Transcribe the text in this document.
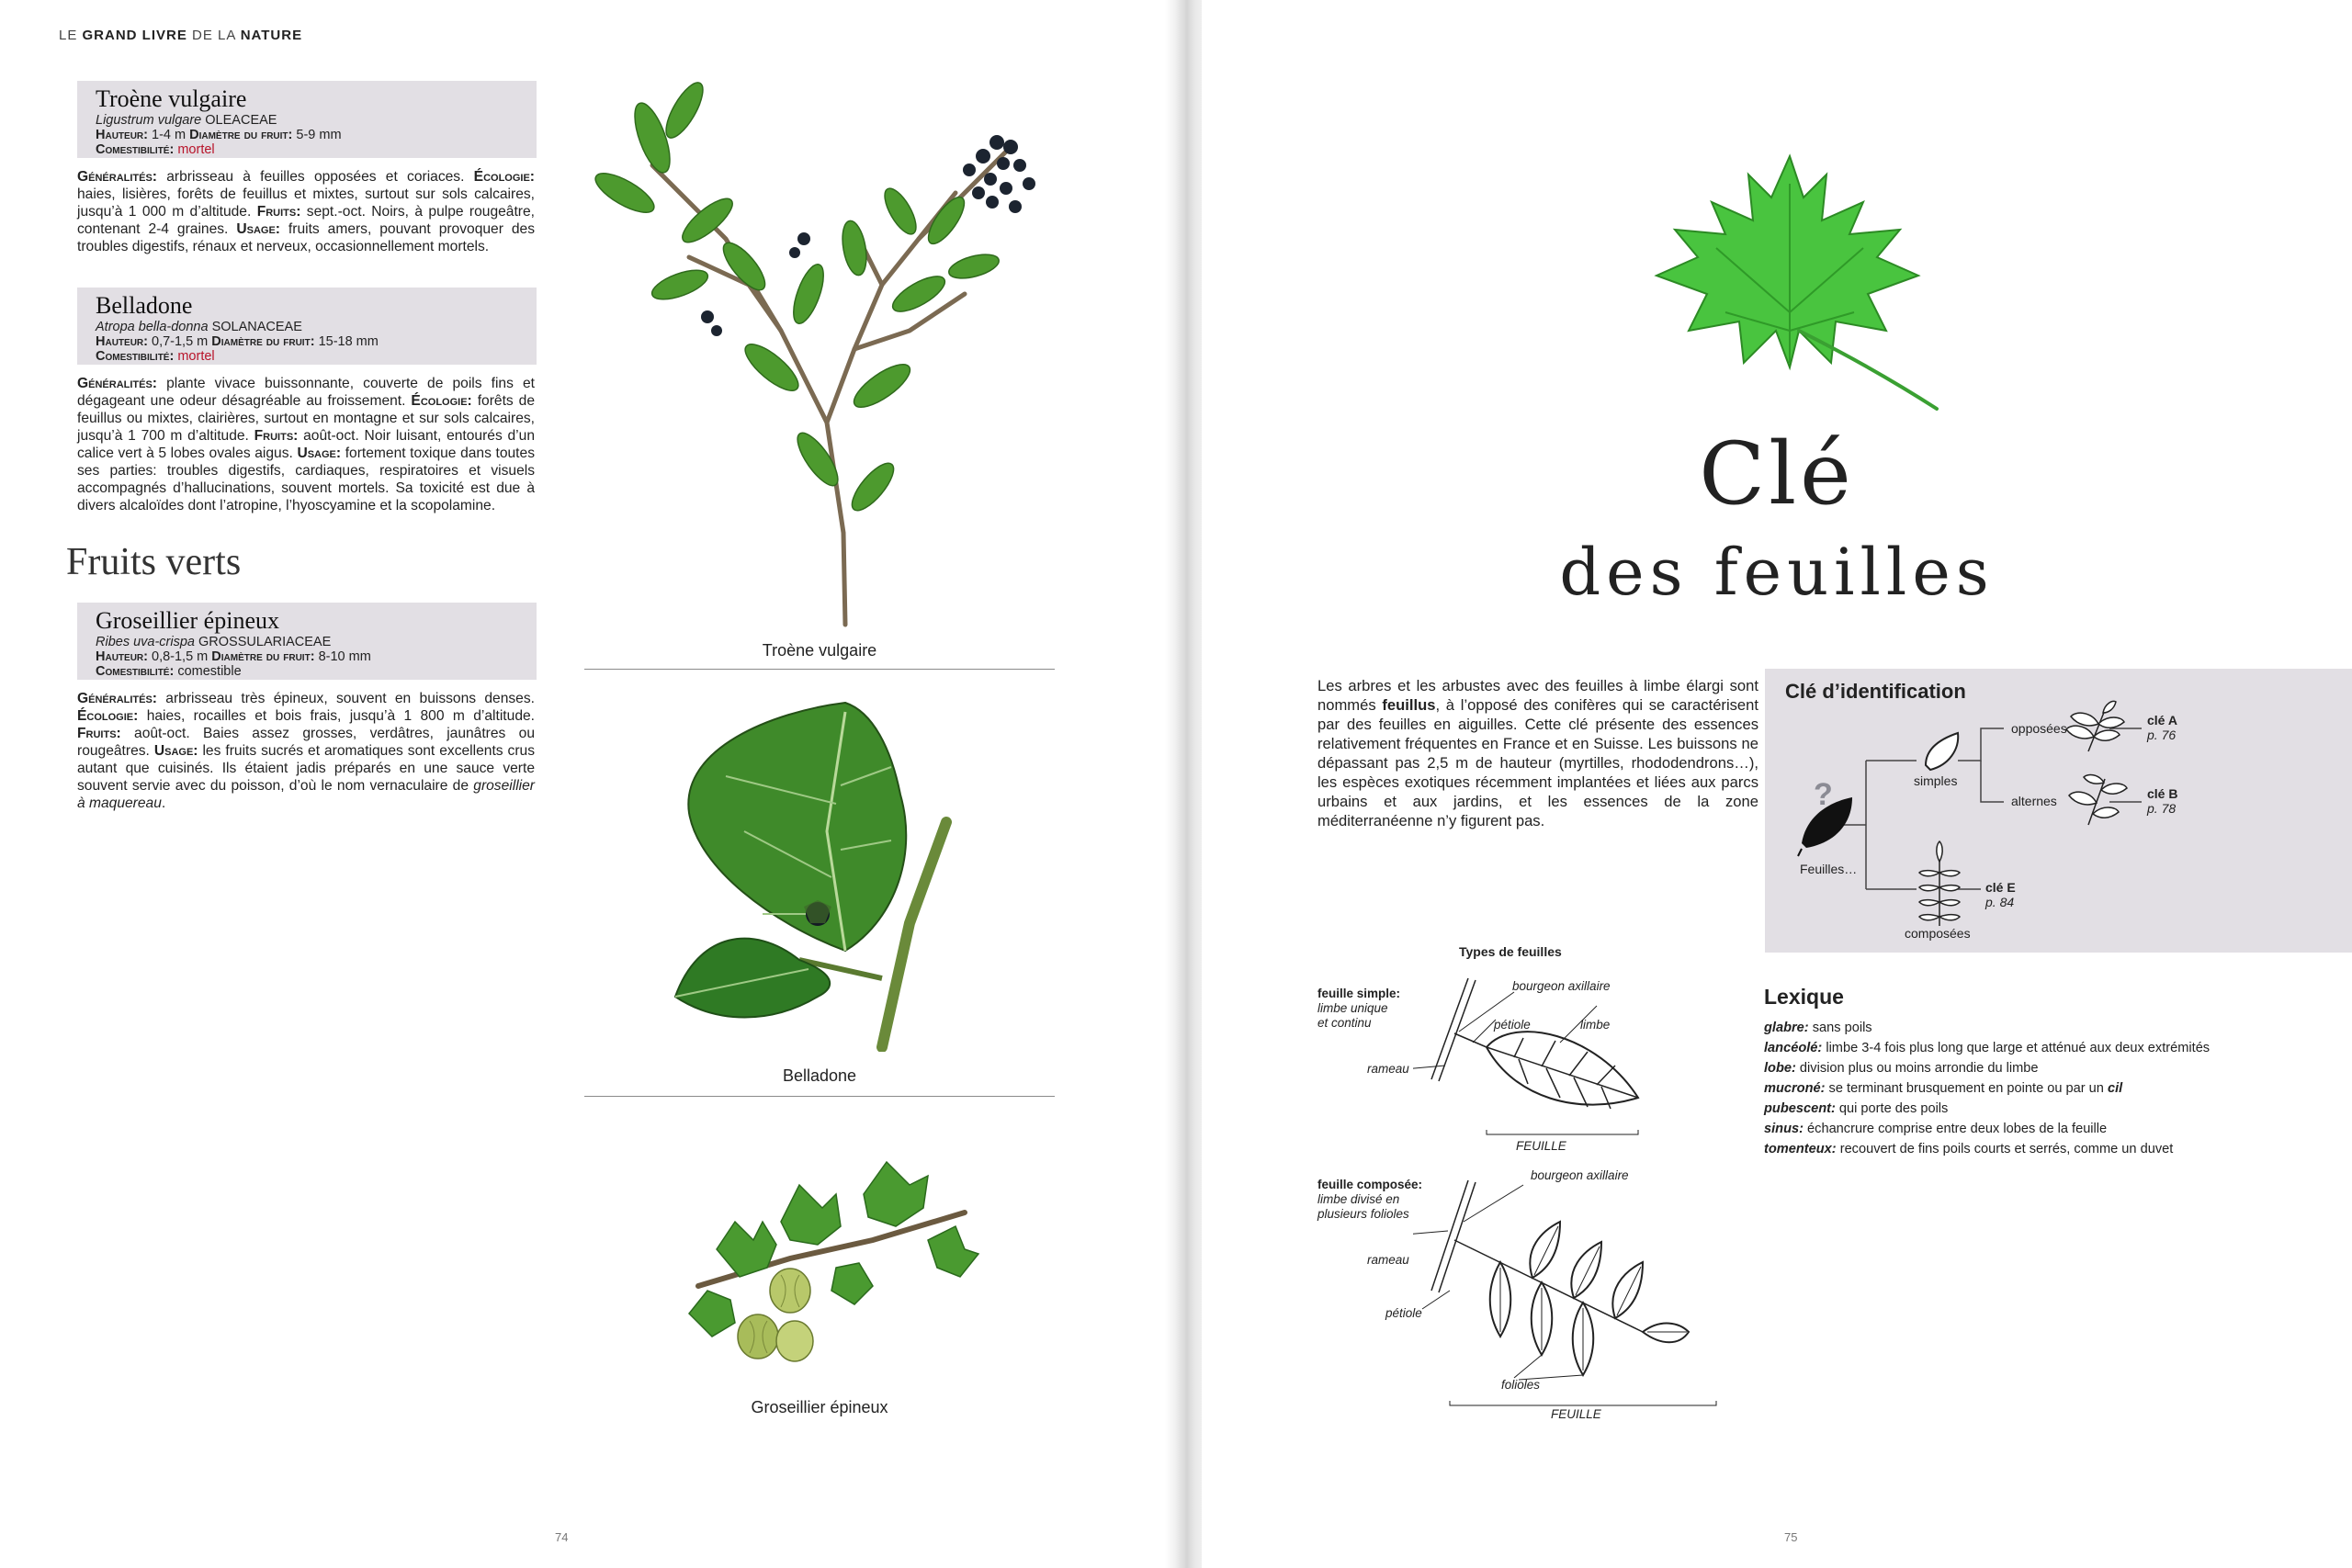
LE GRAND LIVRE DE LA NATURE
Troène vulgaire
Ligustrum vulgare OLEACEAE
Hauteur: 1-4 m Diamètre du fruit: 5-9 mm
Comestibilité: mortel

Généralités: arbrisseau à feuilles opposées et coriaces. Écologie: haies, lisières, forêts de feuillus et mixtes, surtout sur sols calcaires, jusqu’à 1 000 m d’altitude. Fruits: sept.-oct. Noirs, à pulpe rougeâtre, contenant 2-4 graines. Usage: fruits amers, pouvant provoquer des troubles digestifs, rénaux et nerveux, occasionnellement mortels.

Belladone
Atropa bella-donna SOLANACEAE
Hauteur: 0,7-1,5 m Diamètre du fruit: 15-18 mm
Comestibilité: mortel

Généralités: plante vivace buissonnante, couverte de poils fins et dégageant une odeur désagréable au froissement. Écologie: forêts de feuillus ou mixtes, clairières, surtout en montagne et sur sols calcaires, jusqu’à 1 700 m d’altitude. Fruits: août-oct. Noir luisant, entourés d’un calice vert à 5 lobes ovales aigus. Usage: fortement toxique dans toutes ses parties: troubles digestifs, cardiaques, respiratoires et visuels accompagnés d’hallucinations, souvent mortels. Sa toxicité est due à divers alcaloïdes dont l’atropine, l’hyoscyamine et la scopolamine.

Fruits verts
Groseillier épineux
Ribes uva-crispa GROSSULARIACEAE
Hauteur: 0,8-1,5 m Diamètre du fruit: 8-10 mm
Comestibilité: comestible

Généralités: arbrisseau très épineux, souvent en buissons denses. Écologie: haies, rocailles et bois frais, jusqu’à 1 800 m d’altitude. Fruits: août-oct. Baies assez grosses, verdâtres, jaunâtres ou rougeâtres. Usage: les fruits sucrés et aromatiques sont excellents crus autant que cuisinés. Ils étaient jadis préparés en une sauce verte souvent servie avec du poisson, d’où le nom vernaculaire de groseillier à maquereau.

Troène vulgaire
Belladone
Groseillier épineux
74
Clé
des feuilles

Les arbres et les arbustes avec des feuilles à limbe élargi sont nommés feuillus, à l’opposé des conifères qui se caractérisent par des feuilles en aiguilles. Cette clé présente des essences relativement fréquentes en France et en Suisse. Les buissons ne dépassant pas 2,5 m de hauteur (myrtilles, rhododendrons…), les espèces exotiques récemment implantées et liées aux parcs urbains et aux jardins, et les essences de la zone méditerranéenne n’y figurent pas.

Clé d’identification
?
Feuilles…
simples
opposées
alternes
composées
clé A
p. 76
clé B
p. 78
clé E
p. 84
Types de feuilles
feuille simple:
limbe unique
et continu
bourgeon axillaire
pétiole	limbe
rameau
FEUILLE
feuille composée:
limbe divisé en
plusieurs folioles
bourgeon axillaire
rameau
pétiole
folioles
FEUILLE
Lexique
glabre: sans poils
lancéolé: limbe 3-4 fois plus long que large et atténué aux deux extrémités
lobe: division plus ou moins arrondie du limbe
mucroné: se terminant brusquement en pointe ou par un cil
pubescent: qui porte des poils
sinus: échancrure comprise entre deux lobes de la feuille
tomenteux: recouvert de fins poils courts et serrés, comme un duvet
75
